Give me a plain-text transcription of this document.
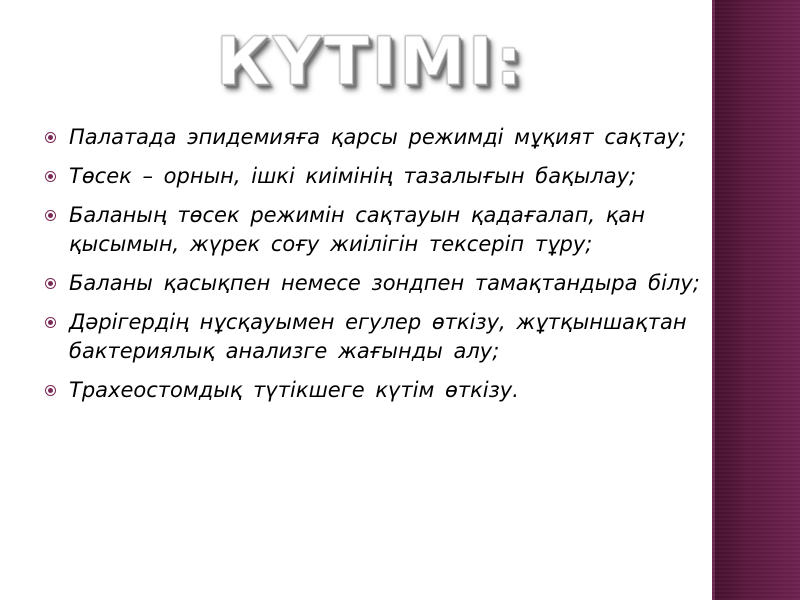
КҮТІМІ:
Палатада эпидемияға қарсы режимді мұқият сақтау;
Төсек – орнын, ішкі киімінің тазалығын бақылау;
Баланың төсек режимін сақтауын қадағалап, қан қысымын, жүрек соғу жиілігін тексеріп тұру;
Баланы қасықпен немесе зондпен тамақтандыра білу;
Дәрігердің нұсқауымен егулер өткізу, жұтқыншақтан бактериялық анализге жағынды алу;
Трахеостомдық түтікшеге күтім өткізу.
